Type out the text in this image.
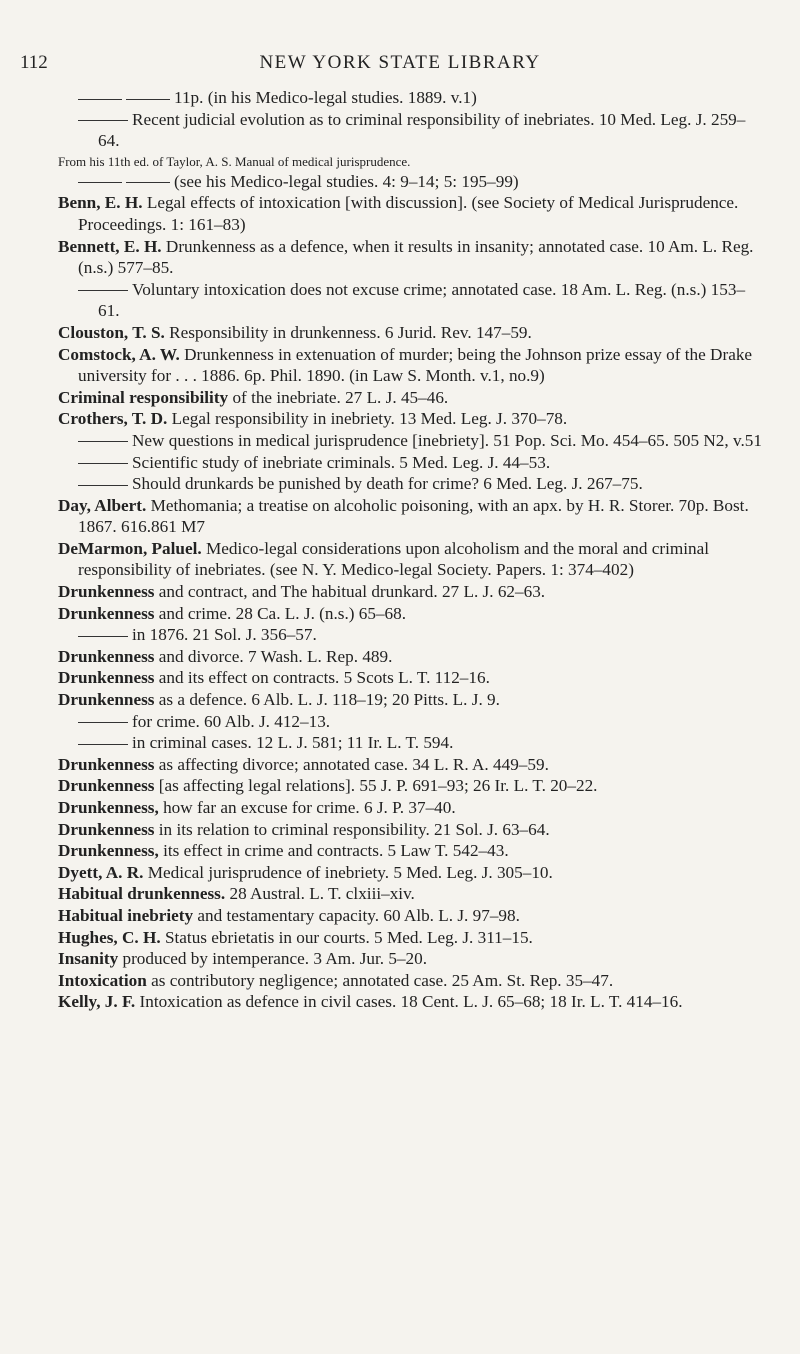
112	NEW YORK STATE LIBRARY
11p. (in his Medico-legal studies. 1889. v.1)
Recent judicial evolution as to criminal responsibility of inebriates. 10 Med. Leg. J. 259–64.
From his 11th ed. of Taylor, A. S. Manual of medical jurisprudence.
(see his Medico-legal studies. 4: 9–14; 5: 195–99)
Benn, E. H. Legal effects of intoxication [with discussion]. (see Society of Medical Jurisprudence. Proceedings. 1: 161–83)
Bennett, E. H. Drunkenness as a defence, when it results in insanity; annotated case. 10 Am. L. Reg. (n.s.) 577–85.
Voluntary intoxication does not excuse crime; annotated case. 18 Am. L. Reg. (n.s.) 153–61.
Clouston, T. S. Responsibility in drunkenness. 6 Jurid. Rev. 147–59.
Comstock, A. W. Drunkenness in extenuation of murder; being the Johnson prize essay of the Drake university for . . . 1886. 6p. Phil. 1890. (in Law S. Month. v.1, no.9)
Criminal responsibility of the inebriate. 27 L. J. 45–46.
Crothers, T. D. Legal responsibility in inebriety. 13 Med. Leg. J. 370–78.
New questions in medical jurisprudence [inebriety]. 51 Pop. Sci. Mo. 454–65. 505 N2, v.51
Scientific study of inebriate criminals. 5 Med. Leg. J. 44–53.
Should drunkards be punished by death for crime? 6 Med. Leg. J. 267–75.
Day, Albert. Methomania; a treatise on alcoholic poisoning, with an apx. by H. R. Storer. 70p. Bost. 1867. 616.861 M7
DeMarmon, Paluel. Medico-legal considerations upon alcoholism and the moral and criminal responsibility of inebriates. (see N. Y. Medico-legal Society. Papers. 1: 374–402)
Drunkenness and contract, and The habitual drunkard. 27 L. J. 62–63.
Drunkenness and crime. 28 Ca. L. J. (n.s.) 65–68.
in 1876. 21 Sol. J. 356–57.
Drunkenness and divorce. 7 Wash. L. Rep. 489.
Drunkenness and its effect on contracts. 5 Scots L. T. 112–16.
Drunkenness as a defence. 6 Alb. L. J. 118–19; 20 Pitts. L. J. 9.
for crime. 60 Alb. J. 412–13.
in criminal cases. 12 L. J. 581; 11 Ir. L. T. 594.
Drunkenness as affecting divorce; annotated case. 34 L. R. A. 449–59.
Drunkenness [as affecting legal relations]. 55 J. P. 691–93; 26 Ir. L. T. 20–22.
Drunkenness, how far an excuse for crime. 6 J. P. 37–40.
Drunkenness in its relation to criminal responsibility. 21 Sol. J. 63–64.
Drunkenness, its effect in crime and contracts. 5 Law T. 542–43.
Dyett, A. R. Medical jurisprudence of inebriety. 5 Med. Leg. J. 305–10.
Habitual drunkenness. 28 Austral. L. T. clxiii–xiv.
Habitual inebriety and testamentary capacity. 60 Alb. L. J. 97–98.
Hughes, C. H. Status ebrietatis in our courts. 5 Med. Leg. J. 311–15.
Insanity produced by intemperance. 3 Am. Jur. 5–20.
Intoxication as contributory negligence; annotated case. 25 Am. St. Rep. 35–47.
Kelly, J. F. Intoxication as defence in civil cases. 18 Cent. L. J. 65–68; 18 Ir. L. T. 414–16.
